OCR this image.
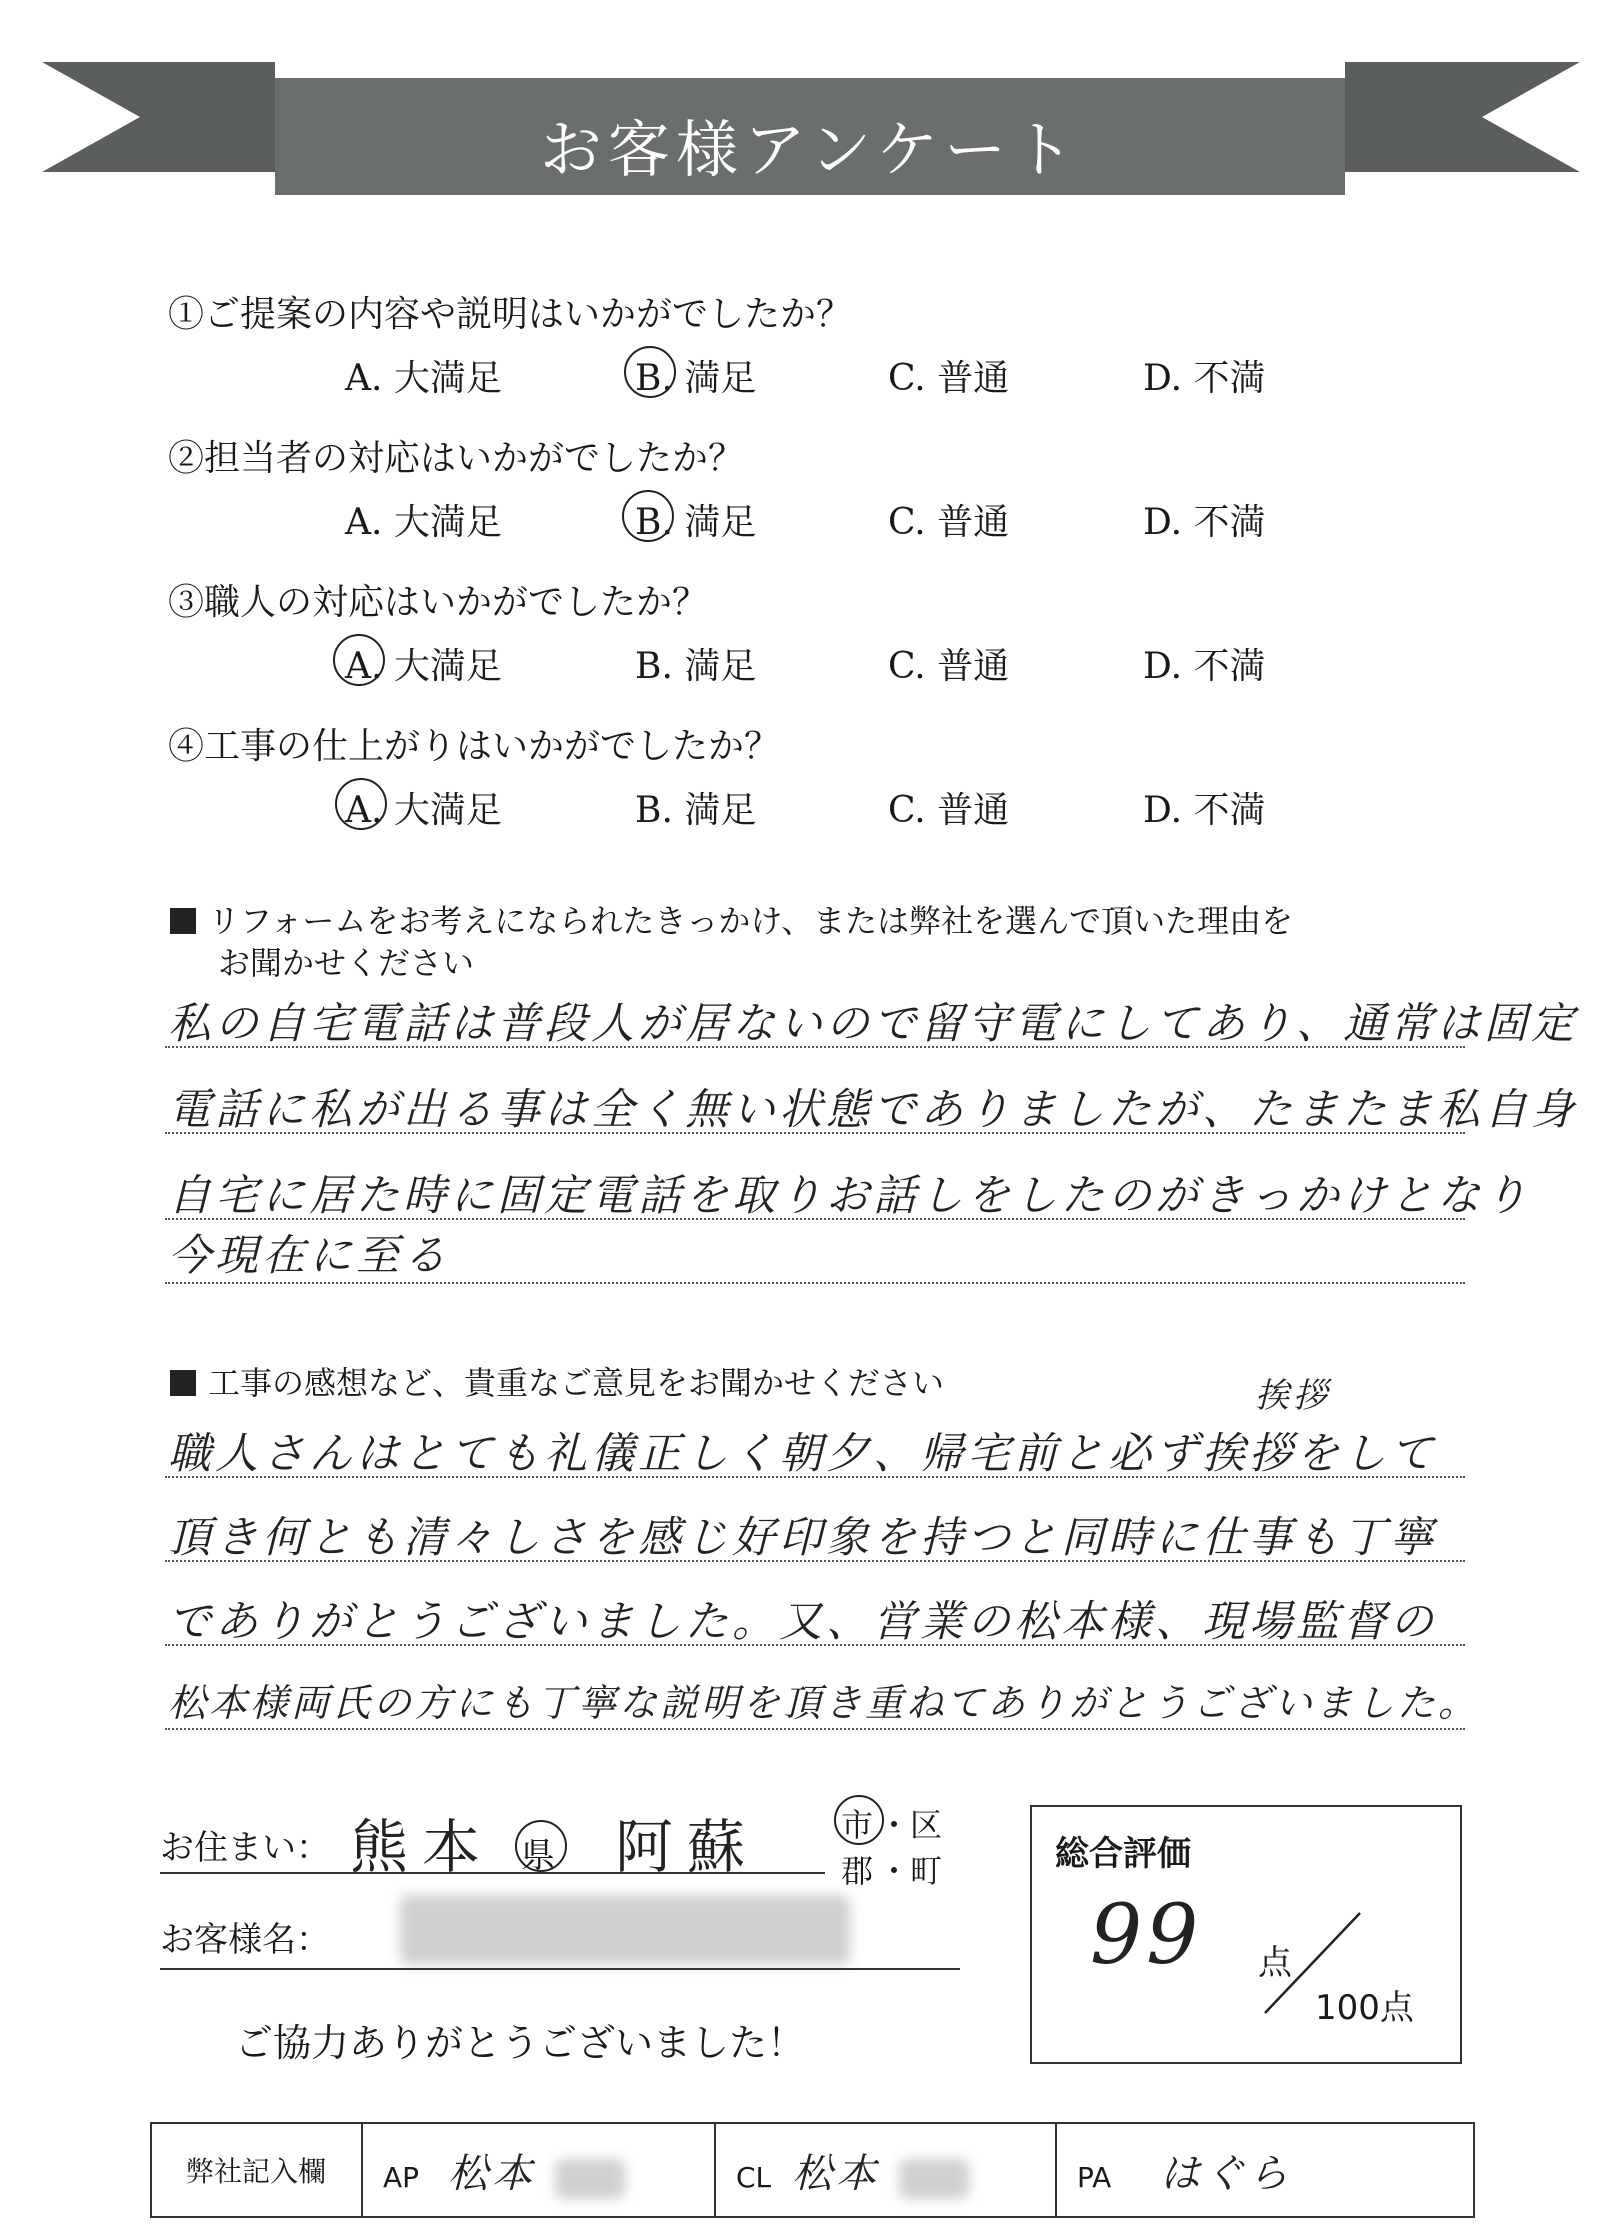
お客様アンケート
①ご提案の内容や説明はいかがでしたか？
②担当者の対応はいかがでしたか？
③職人の対応はいかがでしたか？
④工事の仕上がりはいかがでしたか？
A. 大満足	B. 満足	C. 普通	D. 不満
A. 大満足	B. 満足	C. 普通	D. 不満
A. 大満足	B. 満足	C. 普通	D. 不満
A. 大満足	B. 満足	C. 普通	D. 不満
リフォームをお考えになられたきっかけ、または弊社を選んで頂いた理由を
お聞かせください
私の自宅電話は普段人が居ないので留守電にしてあり、通常は固定
電話に私が出る事は全く無い状態でありましたが、たまたま私自身
自宅に居た時に固定電話を取りお話しをしたのがきっかけとなり
今現在に至る
工事の感想など、貴重なご意見をお聞かせください	挨拶
職人さんはとても礼儀正しく朝夕、帰宅前と必ず挨拶をして
頂き何とも清々しさを感じ好印象を持つと同時に仕事も丁寧
でありがとうございました。又、営業の松本様、現場監督の
松本様両氏の方にも丁寧な説明を頂き重ねてありがとうございました。
お住まい： 熊本 県 阿蘇	市 ・区
郡 ・町
お客様名：
ご協力ありがとうございました！
総合評価
99 点
100点
弊社記入欄	AP 松本	CL 松本	PA はぐら
